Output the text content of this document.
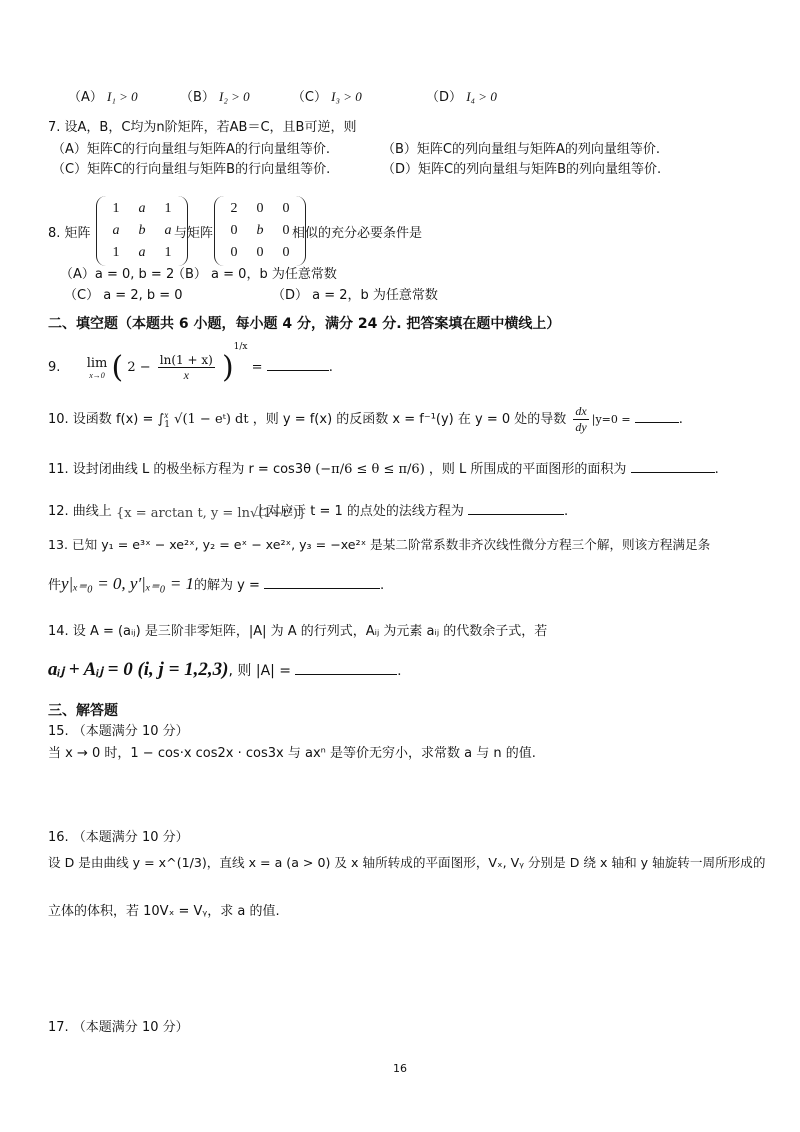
（A） I₁ > 0	（B） I₂ > 0	（C） I₃ > 0	（D） I₄ > 0
7. 设A，B，C均为n阶矩阵，若AB＝C，且B可逆，则
（A）矩阵C的行向量组与矩阵A的行向量组等价.	（B）矩阵C的列向量组与矩阵A的列向量组等价.
（C）矩阵C的行向量组与矩阵B的行向量组等价.	（D）矩阵C的列向量组与矩阵B的列向量组等价.
8. 矩阵
1	a	1
a	b	a
1	a	1
与矩阵
2	0	0
0	b	0
0	0	0
相似的充分必要条件是
（A）a = 0, b = 2
（B） a = 0，b 为任意常数
（C） a = 2, b = 0	（D） a = 2，b 为任意常数
二、填空题（本题共 6 小题，每小题 4 分，满分 24 分. 把答案填在题中横线上）
9. lim
x→0 ( $2 - \frac{\ln(1 + x)}{x} )^{1/x}$ =	.
10. 设函数 f(x) = ∫ x
1 √(1 − eᵗ) dt ，则 y = f(x) 的反函数 x = f⁻¹(y) 在 y = 0 处的导数 $\frac{dx}{dy} |y=0$ =	.
11. 设封闭曲线 L 的极坐标方程为 r = cos3θ (−π/6 ≤ θ ≤ π/6) ，则 L 所围成的平面图形的面积为	.
12. 曲线上 {x = arctan t, y = ln√(1+t²)} 上对应于 t = 1 的点处的法线方程为	.
13. 已知 y₁ = e³ˣ − xe²ˣ, y₂ = eˣ − xe²ˣ, y₃ = −xe²ˣ 是某二阶常系数非齐次线性微分方程三个解，则该方程满足条
件y|ₓ₌₀ = 0, y′|ₓ₌₀ = 1的解为 y =	.
14. 设 A = (aᵢⱼ) 是三阶非零矩阵，|A| 为 A 的行列式，Aᵢⱼ 为元素 aᵢⱼ 的代数余子式，若
aᵢⱼ + Aᵢⱼ = 0 (i, j = 1,2,3), 则 |A| =	.
三、解答题
15. （本题满分 10 分）
当 x → 0 时，1 − cos·x cos2x · cos3x 与 axⁿ 是等价无穷小，求常数 a 与 n 的值.
16. （本题满分 10 分）
设 D 是由曲线 y = x^(1/3)，直线 x = a (a > 0) 及 x 轴所转成的平面图形，Vₓ, Vᵧ 分别是 D 绕 x 轴和 y 轴旋转一周所形成的
立体的体积，若 10Vₓ = Vᵧ，求 a 的值.
17. （本题满分 10 分）
16
